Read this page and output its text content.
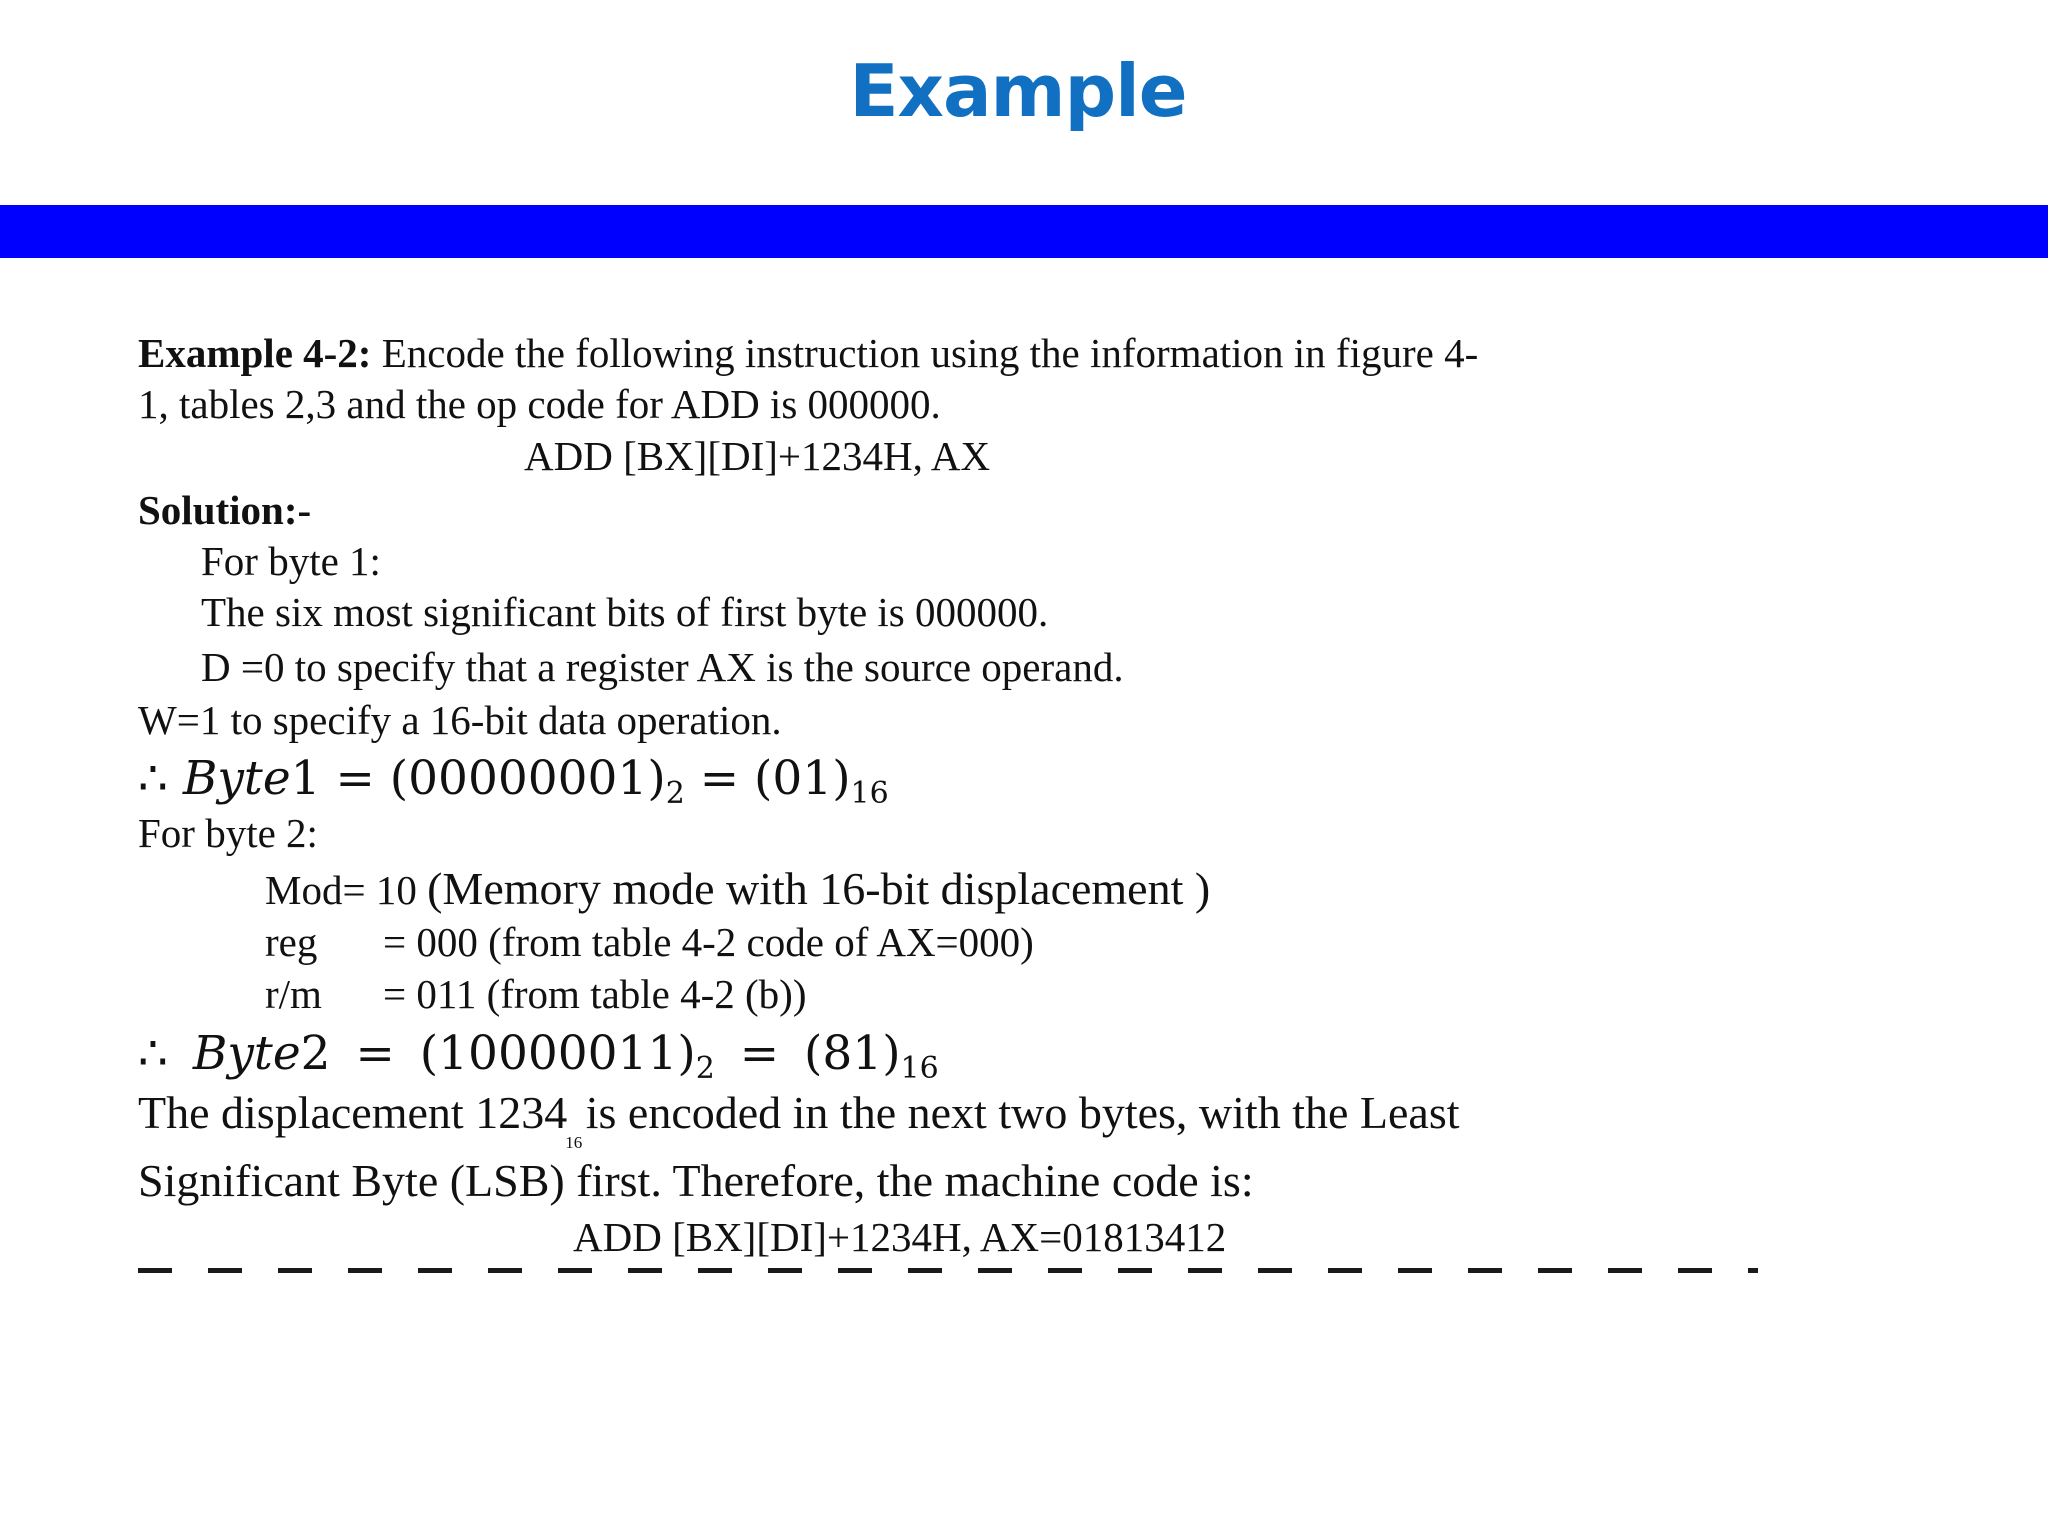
Example
Example 4-2: Encode the following instruction using the information in figure 4-
1, tables 2,3 and the op code for ADD is 000000.
ADD [BX][DI]+1234H, AX
Solution:-
For byte 1:
The six most significant bits of first byte is 000000.
D =0 to specify that a register AX is the source operand.
W=1 to specify a 16-bit data operation.
∴ Byte1 = $(00000001)_2 = (01)_{16}$
For byte 2:
Mod= 10 (Memory mode with 16-bit displacement )
reg = 000 (from table 4-2 code of AX=000)
r/m = 011 (from table 4-2 (b))
∴ Byte2 = $(10000011)_2 = (81)_{16}$
The displacement $1234_{16}$ is encoded in the next two bytes, with the Least
Significant Byte (LSB) first. Therefore, the machine code is:
ADD [BX][DI]+1234H, AX=01813412
